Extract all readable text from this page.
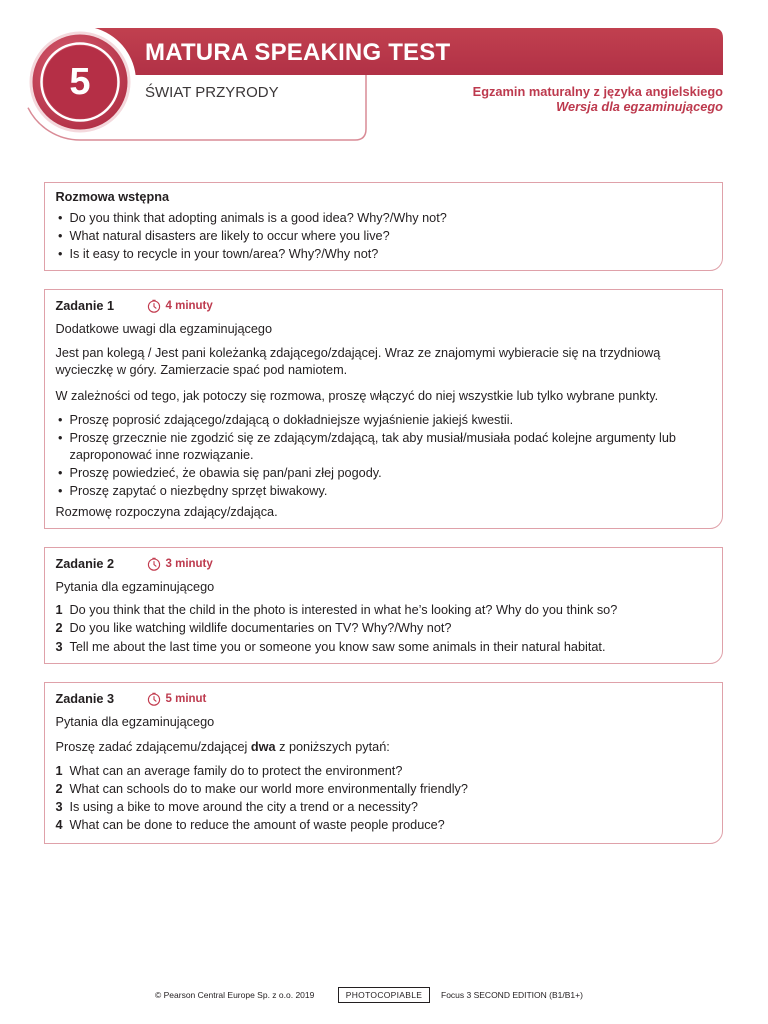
5
MATURA SPEAKING TEST
ŚWIAT PRZYRODY	Egzamin maturalny z języka angielskiego
Wersja dla egzaminującego
Rozmowa wstępna
• Do you think that adopting animals is a good idea? Why?/Why not?
• What natural disasters are likely to occur where you live?
• Is it easy to recycle in your town/area? Why?/Why not?
Zadanie 1	4 minuty
Dodatkowe uwagi dla egzaminującego

Jest pan kolegą / Jest pani koleżanką zdającego/zdającej. Wraz ze znajomymi wybieracie się na trzydniową wycieczkę w góry. Zamierzacie spać pod namiotem.

W zależności od tego, jak potoczy się rozmowa, proszę włączyć do niej wszystkie lub tylko wybrane punkty.

• Proszę poprosić zdającego/zdającą o dokładniejsze wyjaśnienie jakiejś kwestii.
• Proszę grzecznie nie zgodzić się ze zdającym/zdającą, tak aby musiał/musiała podać kolejne argumenty lub zaproponować inne rozwiązanie.
• Proszę powiedzieć, że obawia się pan/pani złej pogody.
• Proszę zapytać o niezbędny sprzęt biwakowy.

Rozmowę rozpoczyna zdający/zdająca.

Zadanie 2	3 minuty
Pytania dla egzaminującego
1 Do you think that the child in the photo is interested in what he’s looking at? Why do you think so?
2 Do you like watching wildlife documentaries on TV? Why?/Why not?
3 Tell me about the last time you or someone you know saw some animals in their natural habitat.
Zadanie 3	5 minut
Pytania dla egzaminującego

Proszę zadać zdającemu/zdającej dwa z poniższych pytań:

1 What can an average family do to protect the environment?
2 What can schools do to make our world more environmentally friendly?
3 Is using a bike to move around the city a trend or a necessity?
4 What can be done to reduce the amount of waste people produce?
© Pearson Central Europe Sp. z o.o. 2019	PHOTOCOPIABLE	Focus 3 SECOND EDITION (B1/B1+)
